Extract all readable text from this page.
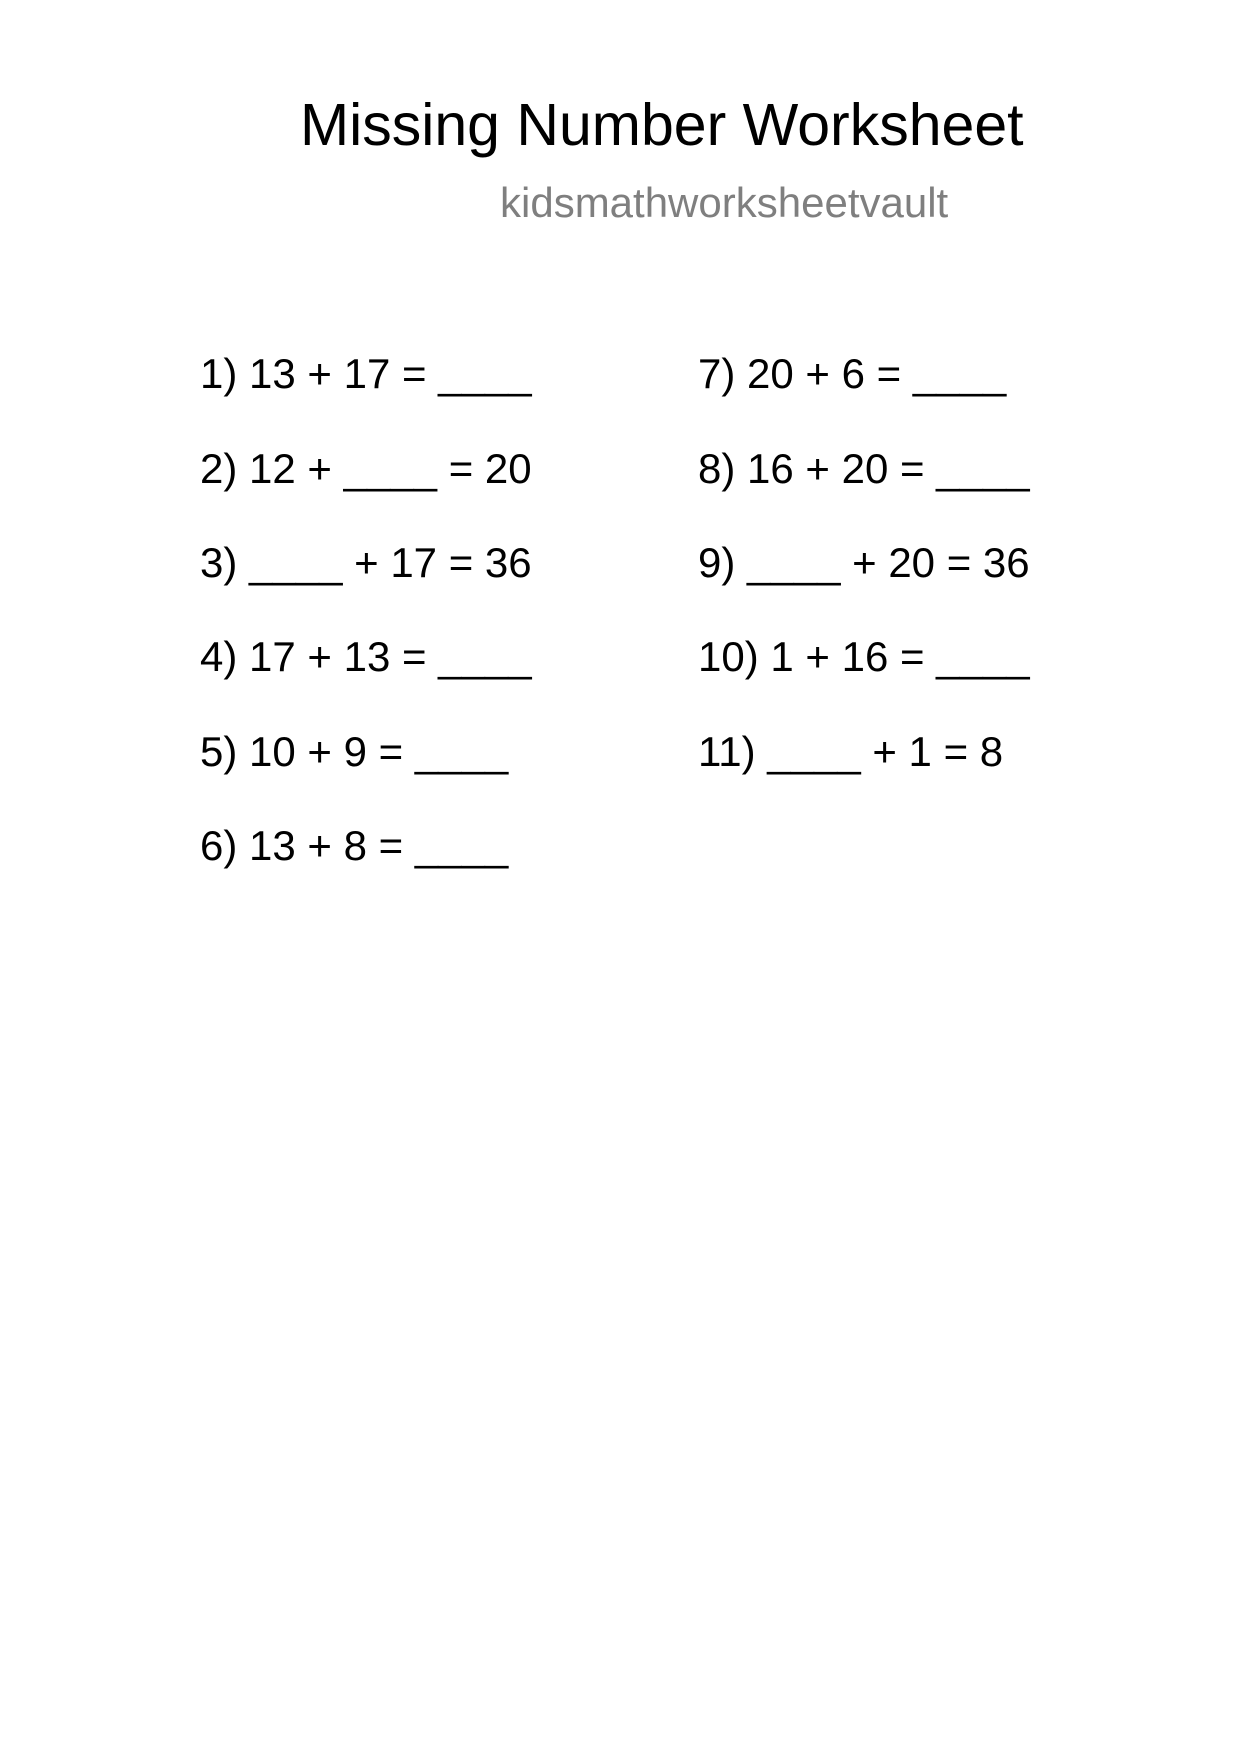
Missing Number Worksheet
kidsmathworksheetvault
1) 13 + 17 = ____
2) 12 + ____ = 20
3) ____ + 17 = 36
4) 17 + 13 = ____
5) 10 + 9 = ____
6) 13 + 8 = ____
7) 20 + 6 = ____
8) 16 + 20 = ____
9) ____ + 20 = 36
10) 1 + 16 = ____
11) ____ + 1 = 8
